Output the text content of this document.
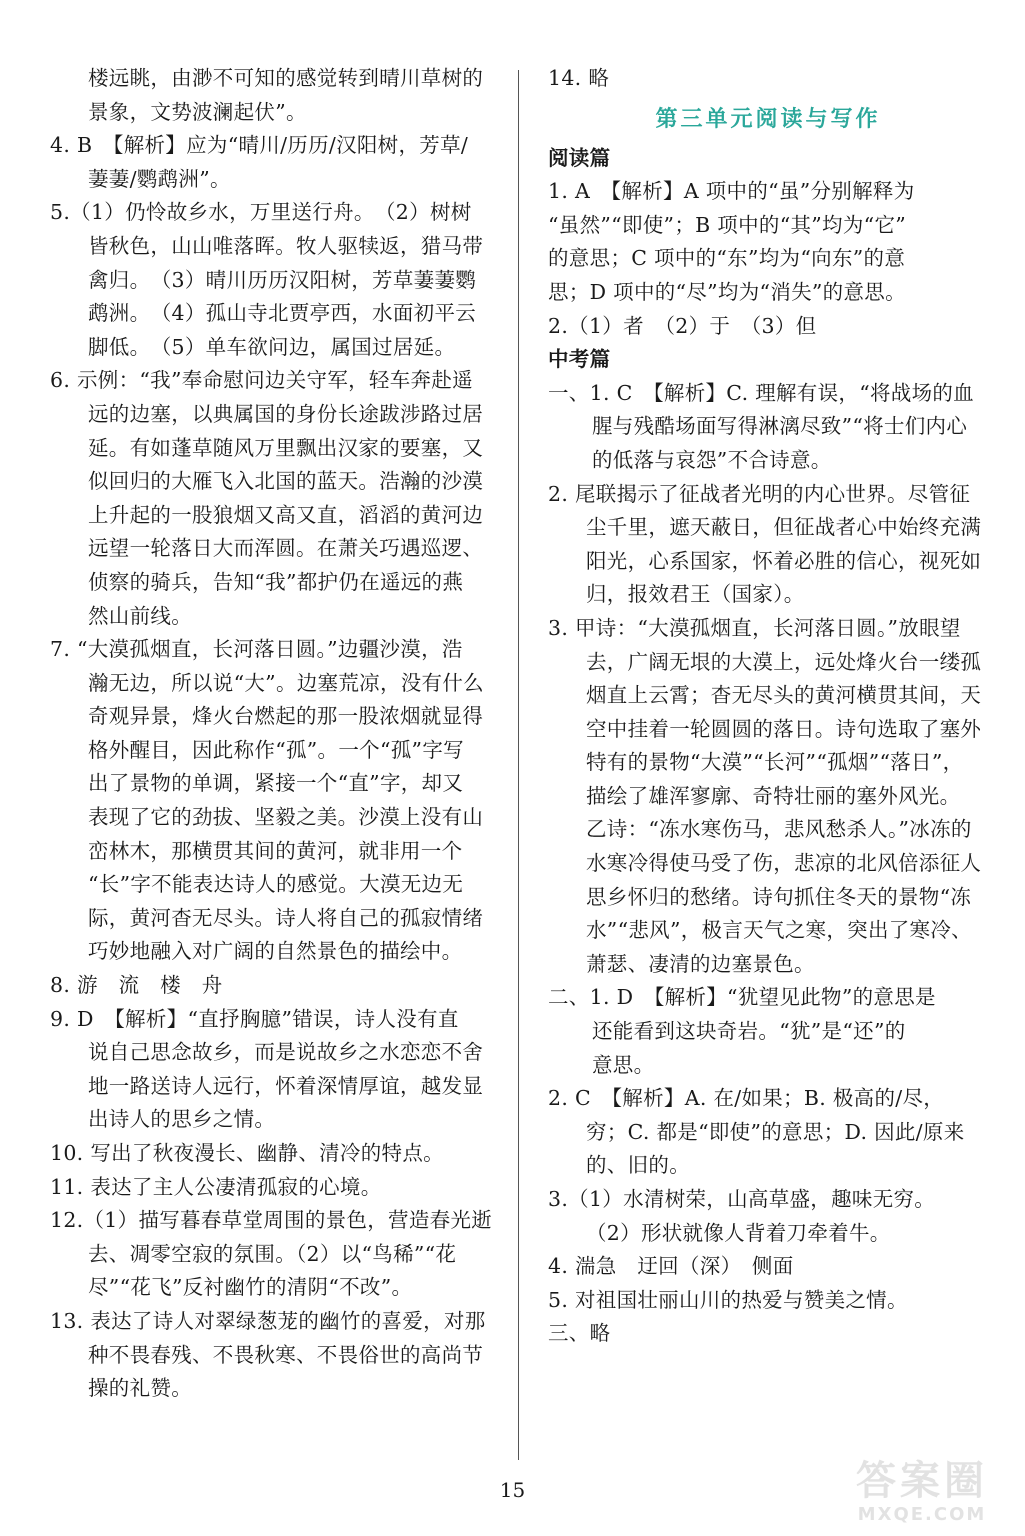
楼远眺，由渺不可知的感觉转到晴川草树的
景象，文势波澜起伏”。
4. B　【解析】应为“晴川/历历/汉阳树，芳草/
萋萋/鹦鹉洲”。
5.（1）仍怜故乡水，万里送行舟。　（2）树树
皆秋色，山山唯落晖。牧人驱犊返，猎马带
禽归。　（3）晴川历历汉阳树，芳草萋萋鹦
鹉洲。　（4）孤山寺北贾亭西，水面初平云
脚低。　（5）单车欲问边，属国过居延。
6. 示例：“我”奉命慰问边关守军，轻车奔赴遥
远的边塞，以典属国的身份长途跋涉路过居
延。有如蓬草随风万里飘出汉家的要塞，又
似回归的大雁飞入北国的蓝天。浩瀚的沙漠
上升起的一股狼烟又高又直，滔滔的黄河边
远望一轮落日大而浑圆。在萧关巧遇巡逻、
侦察的骑兵，告知“我”都护仍在遥远的燕
然山前线。
7. “大漠孤烟直，长河落日圆。”边疆沙漠，浩
瀚无边，所以说“大”。边塞荒凉，没有什么
奇观异景，烽火台燃起的那一股浓烟就显得
格外醒目，因此称作“孤”。一个“孤”字写
出了景物的单调，紧接一个“直”字，却又
表现了它的劲拔、坚毅之美。沙漠上没有山
峦林木，那横贯其间的黄河，就非用一个
“长”字不能表达诗人的感觉。大漠无边无
际，黄河杳无尽头。诗人将自己的孤寂情绪
巧妙地融入对广阔的自然景色的描绘中。
8. 游　流　楼　舟
9. D　【解析】“直抒胸臆”错误，诗人没有直
说自己思念故乡，而是说故乡之水恋恋不舍
地一路送诗人远行，怀着深情厚谊，越发显
出诗人的思乡之情。
10. 写出了秋夜漫长、幽静、清冷的特点。
11. 表达了主人公凄清孤寂的心境。
12.（1）描写暮春草堂周围的景色，营造春光逝
去、凋零空寂的氛围。（2）以“鸟稀”“花
尽”“花飞”反衬幽竹的清阴“不改”。
13. 表达了诗人对翠绿葱茏的幽竹的喜爱，对那
种不畏春残、不畏秋寒、不畏俗世的高尚节
操的礼赞。
14. 略
第三单元阅读与写作
阅读篇
1. A　【解析】A 项中的“虽”分别解释为
“虽然”“即使”；B 项中的“其”均为“它”
的意思；C 项中的“东”均为“向东”的意
思；D 项中的“尽”均为“消失”的意思。
2.（1）者　（2）于　（3）但
中考篇
一、1. C　【解析】C. 理解有误，“将战场的血
腥与残酷场面写得淋漓尽致”“将士们内心
的低落与哀怨”不合诗意。
2. 尾联揭示了征战者光明的内心世界。尽管征
尘千里，遮天蔽日，但征战者心中始终充满
阳光，心系国家，怀着必胜的信心，视死如
归，报效君王（国家）。
3. 甲诗：“大漠孤烟直，长河落日圆。”放眼望
去，广阔无垠的大漠上，远处烽火台一缕孤
烟直上云霄；杳无尽头的黄河横贯其间，天
空中挂着一轮圆圆的落日。诗句选取了塞外
特有的景物“大漠”“长河”“孤烟”“落日”，
描绘了雄浑寥廓、奇特壮丽的塞外风光。
乙诗：“冻水寒伤马，悲风愁杀人。”冰冻的
水寒冷得使马受了伤，悲凉的北风倍添征人
思乡怀归的愁绪。诗句抓住冬天的景物“冻
水”“悲风”，极言天气之寒，突出了寒冷、
萧瑟、凄清的边塞景色。
二、1. D　【解析】“犹望见此物”的意思是
还能看到这块奇岩。“犹”是“还”的
意思。
2. C　【解析】A. 在/如果；B. 极高的/尽，
穷；C. 都是“即使”的意思；D. 因此/原来
的、旧的。
3.（1）水清树荣，山高草盛，趣味无穷。
（2）形状就像人背着刀牵着牛。
4. 湍急　迂回（深）　侧面
5. 对祖国壮丽山川的热爱与赞美之情。
三、略
15	答案圈
MXQE.COM
